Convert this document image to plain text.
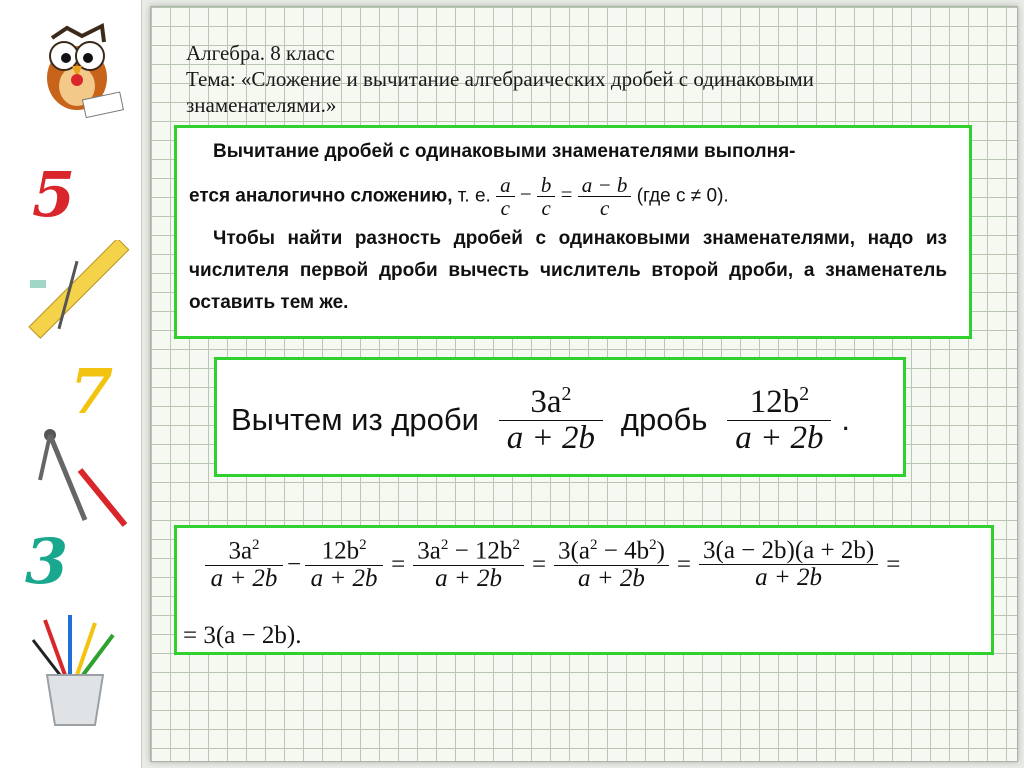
5
7
3
Алгебра. 8 класс
Тема: «Сложение и вычитание алгебраических дробей с одинаковыми
знаменателями.»
Вычитание дробей с одинаковыми знаменателями выполня-
ется аналогично сложению, т. е. $\frac{a}{c} - \frac{b}{c} = \frac{a - b}{c} (где$ c ≠ 0).
Чтобы найти разность дробей с одинаковыми знаменателями, надо из числителя первой дроби вычесть числитель второй дроби, а знаменатель оставить тем же.
Вычтем из дроби $\frac{3a^2}{a + 2b}$ дробь $\frac{12b^2}{a + 2b}$ .
$\frac{3a^2}{a + 2b} - \frac{12b^2}{a + 2b} = \frac{3a^2 - 12b^2}{a + 2b} = \frac{3(a^2 - 4b^2)}{a + 2b} = \frac{3(a - 2b)(a + 2b)}{a + 2b}$ =
= 3(a − 2b).
